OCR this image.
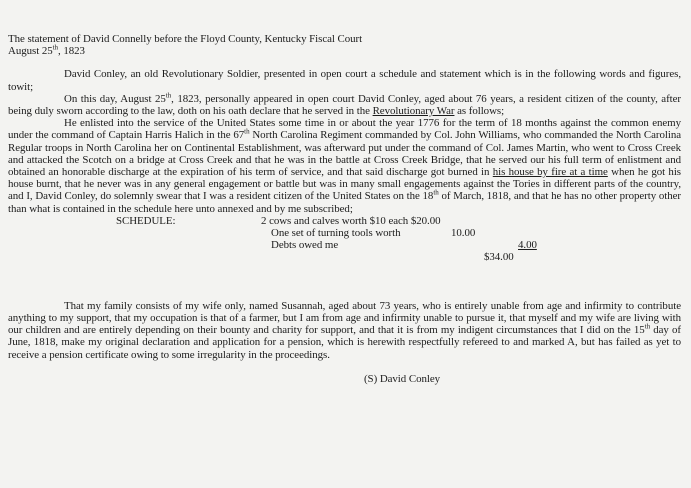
The statement of David Connelly before the Floyd County, Kentucky Fiscal Court

August 25th, 1823

David Conley, an old Revolutionary Soldier, presented in open court a schedule and statement which is in the following words and figures, towit;

On this day, August 25th, 1823, personally appeared in open court David Conley, aged about 76 years, a resident citizen of the county, after being duly sworn according to the law, doth on his oath declare that he served in the Revolutionary War as follows;

He enlisted into the service of the United States some time in or about the year 1776 for the term of 18 months against the common enemy under the command of Captain Harris Halich in the 67th North Carolina Regiment commanded by Col. John Williams, who commanded the North Carolina Regular troops in North Carolina her on Continental Establishment, was afterward put under the command of Col. James Martin, who went to Cross Creek and attacked the Scotch on a bridge at Cross Creek and that he was in the battle at Cross Creek Bridge, that he served our his full term of enlistment and obtained an honorable discharge at the expiration of his term of service, and that said discharge got burned in his house by fire at a time when he got his house burnt, that he never was in any general engagement or battle but was in many small engagements against the Tories in different parts of the country, and I, David Conley, do solemnly swear that I was a resident citizen of the United States on the 18th of March, 1818, and that he has no other property other than what is contained in the schedule here unto annexed and by me subscribed;

SCHEDULE:	2 cows and calves worth $10 each $20.00
One set of turning tools worth	10.00
Debts owed me	4.00
$34.00

That my family consists of my wife only, named Susannah, aged about 73 years, who is entirely unable from age and infirmity to contribute anything to my support, that my occupation is that of a farmer, but I am from age and infirmity unable to pursue it, that myself and my wife are living with our children and are entirely depending on their bounty and charity for support, and that it is from my indigent circumstances that I did on the 15th day of June, 1818, make my original declaration and application for a pension, which is herewith respectfully refereed to and marked A, but has failed as yet to receive a pension certificate owing to some irregularity in the proceedings.

(S) David Conley
